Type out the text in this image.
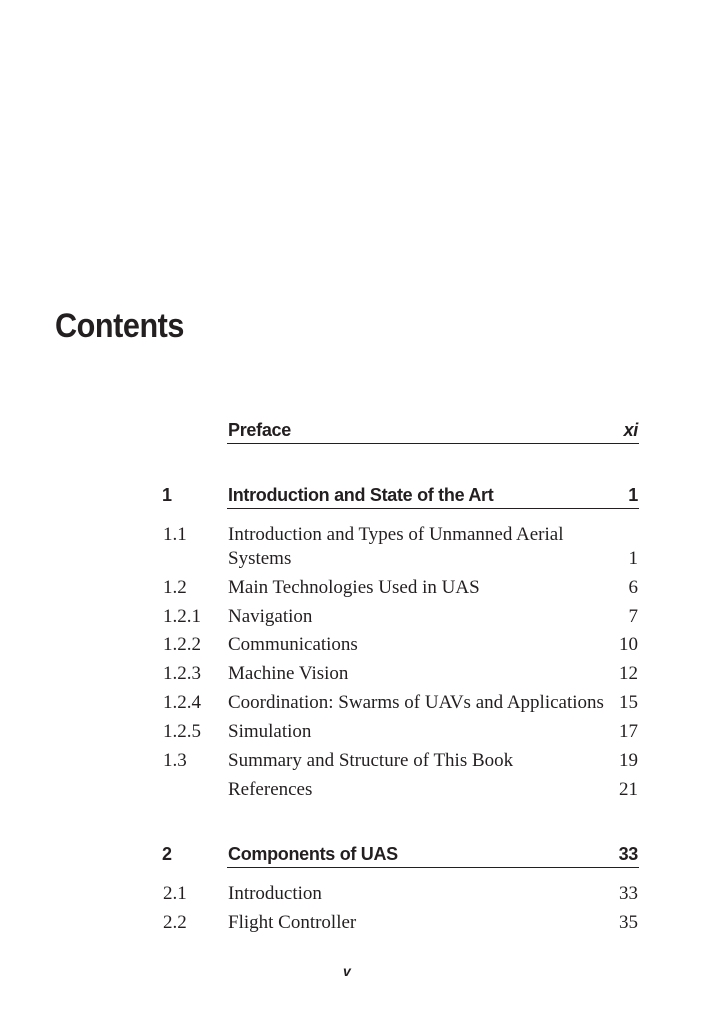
Contents
Preface	xi
1	Introduction and State of the Art	1
1.1 Introduction and Types of Unmanned Aerial
Systems	1
1.2 Main Technologies Used in UAS	6
1.2.1 Navigation	7
1.2.2 Communications	10
1.2.3 Machine Vision	12
1.2.4 Coordination: Swarms of UAVs and Applications 15
1.2.5 Simulation	17
1.3 Summary and Structure of This Book	19
References	21
2	Components of UAS	33
2.1 Introduction	33
2.2 Flight Controller	35
v
